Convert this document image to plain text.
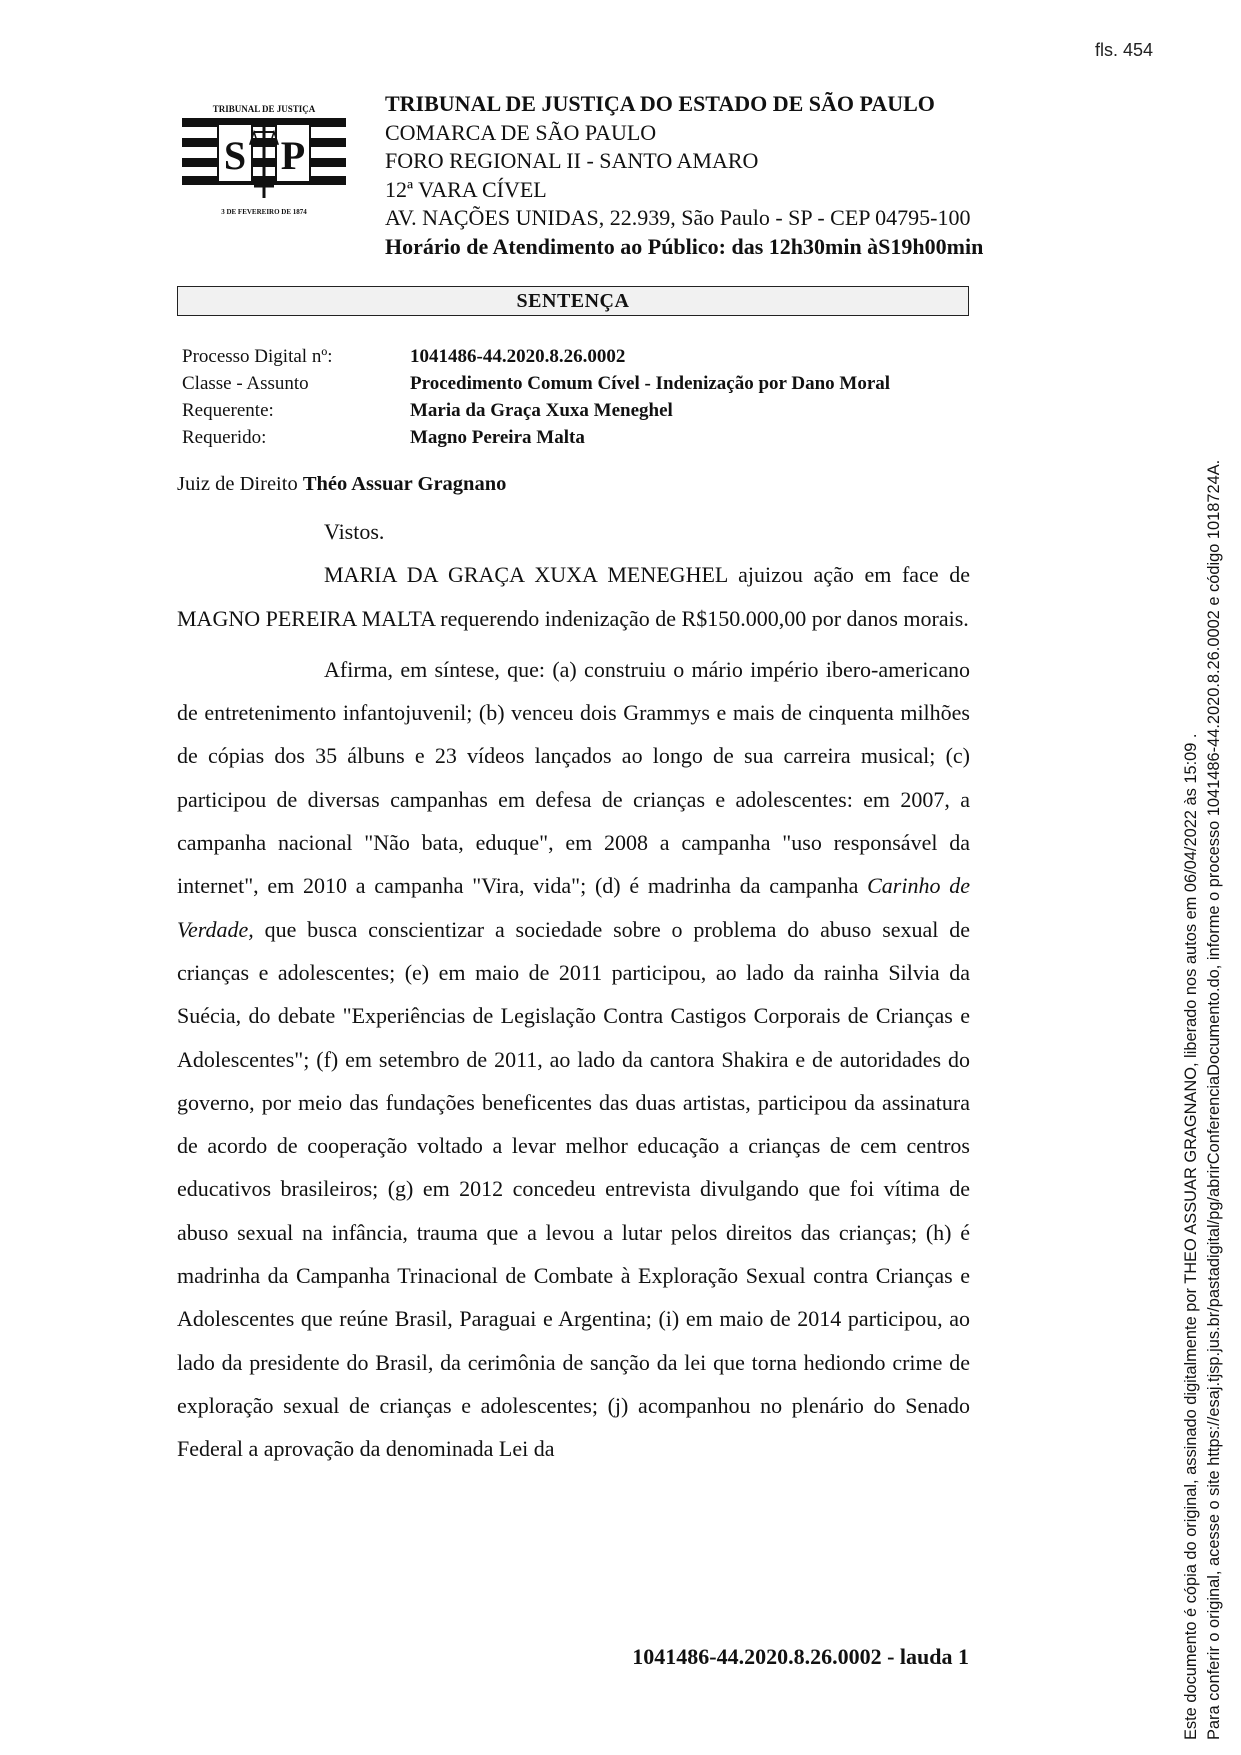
fls. 454
TRIBUNAL DE JUSTIÇA
S P
3 DE FEVEREIRO DE 1874
TRIBUNAL DE JUSTIÇA DO ESTADO DE SÃO PAULO
COMARCA DE SÃO PAULO
FORO REGIONAL II - SANTO AMARO
12ª VARA CÍVEL
AV. NAÇÕES UNIDAS, 22.939, São Paulo - SP - CEP 04795-100
Horário de Atendimento ao Público: das 12h30min àS19h00min
SENTENÇA
Processo Digital nº:	1041486-44.2020.8.26.0002
Classe - Assunto	Procedimento Comum Cível - Indenização por Dano Moral
Requerente:	Maria da Graça Xuxa Meneghel
Requerido:	Magno Pereira Malta
Juiz de Direito Théo Assuar Gragnano

Vistos.

MARIA DA GRAÇA XUXA MENEGHEL ajuizou ação em face de MAGNO PEREIRA MALTA requerendo indenização de R$150.000,00 por danos morais.

Afirma, em síntese, que: (a) construiu o mário império ibero-americano de entretenimento infantojuvenil; (b) venceu dois Grammys e mais de cinquenta milhões de cópias dos 35 álbuns e 23 vídeos lançados ao longo de sua carreira musical; (c) participou de diversas campanhas em defesa de crianças e adolescentes: em 2007, a campanha nacional "Não bata, eduque", em 2008 a campanha "uso responsável da internet", em 2010 a campanha "Vira, vida"; (d) é madrinha da campanha Carinho de Verdade, que busca conscientizar a sociedade sobre o problema do abuso sexual de crianças e adolescentes; (e) em maio de 2011 participou, ao lado da rainha Silvia da Suécia, do debate "Experiências de Legislação Contra Castigos Corporais de Crianças e Adolescentes"; (f) em setembro de 2011, ao lado da cantora Shakira e de autoridades do governo, por meio das fundações beneficentes das duas artistas, participou da assinatura de acordo de cooperação voltado a levar melhor educação a crianças de cem centros educativos brasileiros; (g) em 2012 concedeu entrevista divulgando que foi vítima de abuso sexual na infância, trauma que a levou a lutar pelos direitos das crianças; (h) é madrinha da Campanha Trinacional de Combate à Exploração Sexual contra Crianças e Adolescentes que reúne Brasil, Paraguai e Argentina; (i) em maio de 2014 participou, ao lado da presidente do Brasil, da cerimônia de sanção da lei que torna hediondo crime de exploração sexual de crianças e adolescentes; (j) acompanhou no plenário do Senado Federal a aprovação da denominada Lei da

1041486-44.2020.8.26.0002 - lauda 1	Este documento é cópia do original, assinado digitalmente por THEO ASSUAR GRAGNANO, liberado nos autos em 06/04/2022 às 15:09 . Para conferir o original, acesse o site https://esaj.tjsp.jus.br/pastadigital/pg/abrirConferenciaDocumento.do, informe o processo 1041486-44.2020.8.26.0002 e código 1018724A.
